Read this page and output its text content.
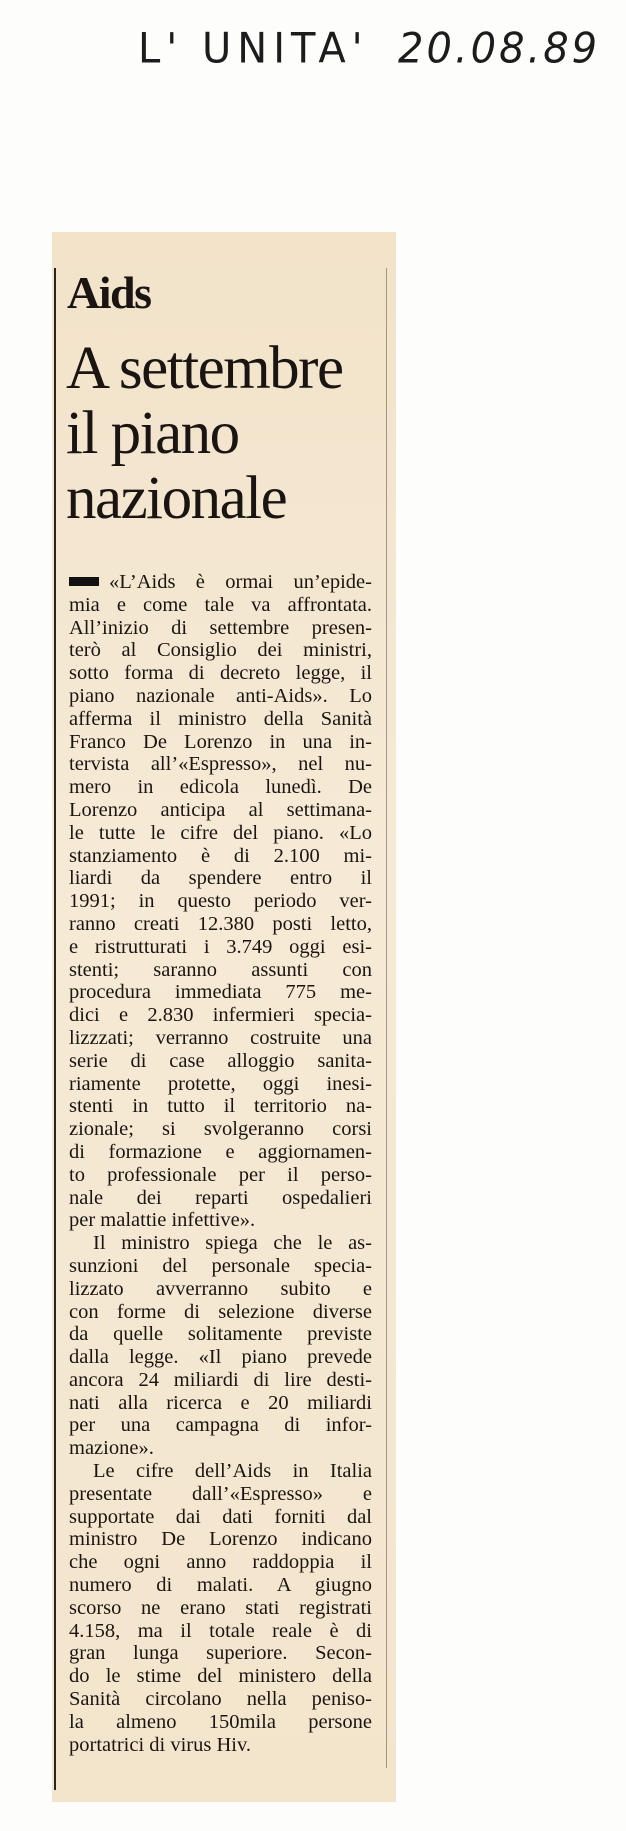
L' UNITA' 20.08.89
Aids
A settembre
il piano
nazionale
«L’Aids è ormai un’epide-
mia e come tale va affrontata.
All’inizio di settembre presen-
terò al Consiglio dei ministri,
sotto forma di decreto legge, il
piano nazionale anti-Aids». Lo
afferma il ministro della Sanità
Franco De Lorenzo in una in-
tervista all’«Espresso», nel nu-
mero in edicola lunedì. De
Lorenzo anticipa al settimana-
le tutte le cifre del piano. «Lo
stanziamento è di 2.100 mi-
liardi da spendere entro il
1991; in questo periodo ver-
ranno creati 12.380 posti letto,
e ristrutturati i 3.749 oggi esi-
stenti; saranno assunti con
procedura immediata 775 me-
dici e 2.830 infermieri specia-
lizzzati; verranno costruite una
serie di case alloggio sanita-
riamente protette, oggi inesi-
stenti in tutto il territorio na-
zionale; si svolgeranno corsi
di formazione e aggiornamen-
to professionale per il perso-
nale dei reparti ospedalieri
per malattie infettive».
Il ministro spiega che le as-
sunzioni del personale specia-
lizzato avverranno subito e
con forme di selezione diverse
da quelle solitamente previste
dalla legge. «Il piano prevede
ancora 24 miliardi di lire desti-
nati alla ricerca e 20 miliardi
per una campagna di infor-
mazione».
Le cifre dell’Aids in Italia
presentate dall’«Espresso» e
supportate dai dati forniti dal
ministro De Lorenzo indicano
che ogni anno raddoppia il
numero di malati. A giugno
scorso ne erano stati registrati
4.158, ma il totale reale è di
gran lunga superiore. Secon-
do le stime del ministero della
Sanità circolano nella peniso-
la almeno 150mila persone
portatrici di virus Hiv.
